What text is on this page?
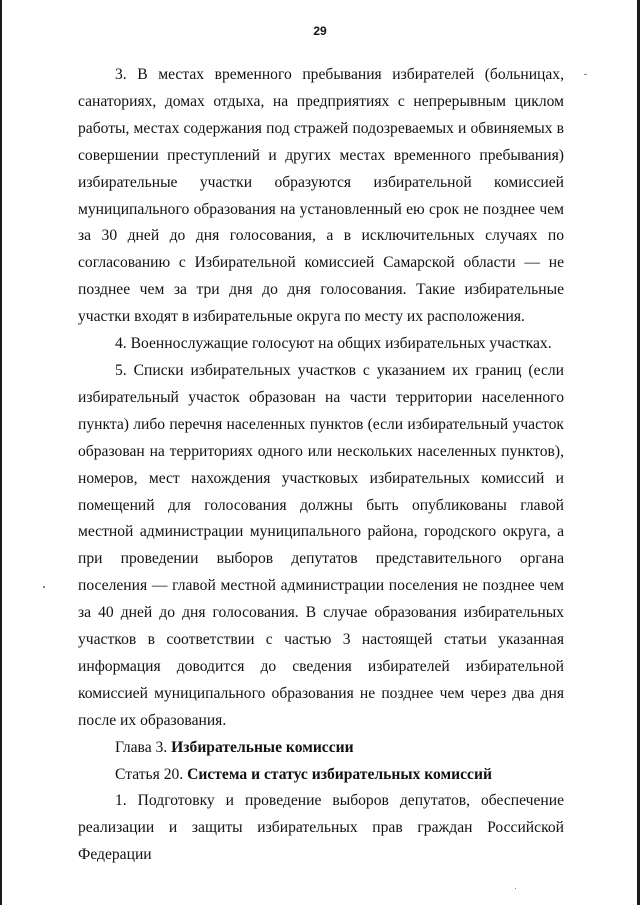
29

3. В местах временного пребывания избирателей (больницах, санаториях, домах отдыха, на предприятиях с непрерывным циклом работы, местах содержания под стражей подозреваемых и обвиняемых в совершении преступлений и других местах временного пребывания) избирательные участки образуются избирательной комиссией муниципального образования на установленный ею срок не позднее чем за 30 дней до дня голосования, а в исключительных случаях по согласованию с Избирательной комиссией Самарской области — не позднее чем за три дня до дня голосования. Такие избирательные участки входят в избирательные округа по месту их расположения.

4. Военнослужащие голосуют на общих избирательных участках.

5. Списки избирательных участков с указанием их границ (если избирательный участок образован на части территории населенного пункта) либо перечня населенных пунктов (если избирательный участок образован на территориях одного или нескольких населенных пунктов), номеров, мест нахождения участковых избирательных комиссий и помещений для голосования должны быть опубликованы главой местной администрации муниципального района, городского округа, а при проведении выборов депутатов представительного органа поселения — главой местной администрации поселения не позднее чем за 40 дней до дня голосования. В случае образования избирательных участков в соответствии с частью 3 настоящей статьи указанная информация доводится до сведения избирателей избирательной комиссией муниципального образования не позднее чем через два дня после их образования.

Глава 3. Избирательные комиссии

Статья 20. Система и статус избирательных комиссий

1. Подготовку и проведение выборов депутатов, обеспечение реализации и защиты избирательных прав граждан Российской Федерации
